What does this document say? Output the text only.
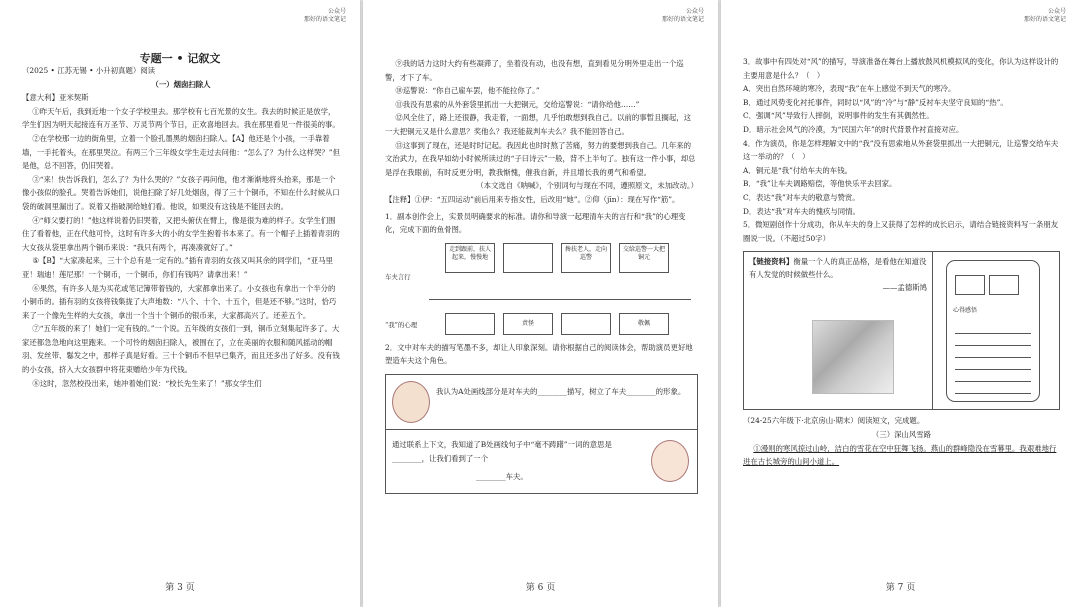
公众号
那好的语文笔记
专题一 • 记叙文
（2025 • 江苏无锡 • 小升初真题）阅读
（一）烟囱扫除人
【意大利】亚米契斯
①昨天午后，我到近地一个女子学校里去。那学校有七百光景的女生。我去的时候正是放学，学生们因为明天起接连有万圣节、万灵节两个节日，正欢喜地回去。我在那里看见一件很美的事。
②在学校那一边的街角里，立着一个脸孔墨黑的烟囱扫除人。【A】他还是个小孩，一手靠着墙，一手托着头，在那里哭泣。有两三个三年级女学生走过去问他：“怎么了？为什么这样哭？”但是他，总不回答，仍旧哭着。
③“来！快告诉我们，怎么了？为什么哭的？”女孩子再问他，他才渐渐地将头抬来，那是一个像小孩似的脸孔。哭着告诉她们，说他扫除了好几处烟囱，得了三十个铜币，不知在什么时候从口袋的破洞里漏出了。说着又指破洞给她们看。他说，如果没有这钱是不能回去的。
④“师父要打的！”他这样说着仍旧哭着，又把头俯伏在臂上，像是很为难的样子。女学生们围住了看着他，正在代他可怜，这时有许多大的小的女学生抱着书本来了。有一个帽子上插着青羽的大女孩从袋里拿出两个铜币来说：“我只有两个，再凑凑就好了。”
⑤【B】“大家凑起来，三十个总有是一定有的。”插有青羽的女孩又叫其余的同学们，“亚马里亚！瑞迪！莲尼那！一个铜币，一个铜币，你们有钱吗？请拿出来！”
⑥果然，有许多人是为买花或笔记簿带着钱的，大家都拿出来了。小女孩也有拿出一个半分的小铜币的。插有羽的女孩将钱集拢了大声地数：“八个、十个、十五个，但是还不够。”这时，恰巧来了一个像先生样的大女孩，拿出一个当十个铜币的银币来，大家都高兴了。还差五个。
⑦“五年级的来了！她们一定有钱的。”一个说。五年级的女孩们一到，铜币立刻集起许多了。大家还都急急地向这里跑来。一个可怜的烟囱扫除人，被围在了，立在美丽的衣服和随风摇动的帽羽、发丝带、鬈发之中，那样子真是好看。三十个铜币不但早已集齐，而且还多出了好多。没有钱的小女孩，挤入大女孩群中将花束赠给少年为代钱。
⑧这时，忽然校役出来，她冲着她们说：“校长先生来了！”那女学生们
第 3 页
公众号
那好的语文笔记
⑨我的话力这时大约有些凝滞了，坐着没有动，也没有想，直到看见分明外里走出一个巡警，才下了车。
⑩巡警说：“你自己雇车罢，他不能拉你了。”
⑪我没有思索的从外套袋里抓出一大把铜元，交给巡警说：“请你给他……”
⑫风全住了，路上还很静，我走着，一面想，几乎怕敢想到我自己。以前的事暂且搁起，这一大把铜元又是什么意思？奖他么？我还能裁判车夫么？我不能回答自己。
⑬这事到了现在，还是时时记起。我因此也时时熬了苦痛，努力的要想到我自己。几年来的文治武力，在我早如幼小时候所读过的“子曰诗云”一般，背不上半句了。独有这一件小事，却总是浮在我眼前，有时反更分明，教我惭愧，催我自新，并且增长我的勇气和希望。
（本文选自《呐喊》，个别词句与现在不同，遵照原文，未加改动。）
【注释】①伊：“五四运动”前后用来专指女性，后改用“她”。②仰（jīn）：现在写作“筋”。
1．副本创作会上，实景员明确要求的标准。请你和导演一起理清车夫的言行和“我”的心理变化，完成下面的鱼骨图。
车夫言行
“我”的心理
走到跟前，扶人起来，慢慢地
搀扶老人，走向巡警
交给巡警一大把铜元
责怪	敬佩
2．文中对车夫的描写笔墨不多，却让人印象深刻。请你根据自己的阅读体会，帮助演员更好地塑造车夫这个角色。
我认为A处画线部分是对车夫的________描写，树立了车夫________的形象。
通过联系上下文，我知道了B处画线句子中“毫不踌躇”一词的意思是________，让我们看到了一个
________车夫。
第 6 页
公众号
那好的语文笔记
3．故事中有四处对“风”的描写，导演准备在舞台上播放鼓风机模拟风的变化，你认为这样设计的主要用意是什么？（　）
A．突出自然环境的寒冷，表现“我”在车上感觉不到天气的寒冷。
B．通过风势变化衬托事件，同时以“风”的“冷”与“静”反衬车夫坚守良知的“热”。
C．强调“风”导致行人摔倒，说明事件的发生有其偶然性。
D．暗示社会风气的冷漠，为“民国六年”的时代背景作衬直接对应。
4．作为演员，你是怎样理解文中的“我”没有思索地从外套袋里抓出一大把铜元，让巡警交给车夫这一举动的？（　）
A．铜元是“我”付给车夫的车钱。
B．“我”让车夫调路赔偿，等他快乐平去回家。
C．表达“我”对车夫的敬意与赞赏。
D．表达“我”对车夫的愧疚与同情。
5．微短剧创作十分成功，你从车夫的身上又获得了怎样的成长启示，请结合链接资料写一条朋友圈说一说。（不超过50字）
【链接资料】衡量一个人的真正品格，是看他在知道没有人发觉的时候做些什么。
——孟德斯鸠
心得感悟
（24-25六年级下·北京房山·期末）阅读短文，完成题。
（三）深山风雪路
①漫则的寒风掠过山岭，洁白的雪花在空中狂舞飞扬。燕山的群峰隐没在雪幕里。我艰难地行进在古长城旁的山间小道上。
第 7 页
